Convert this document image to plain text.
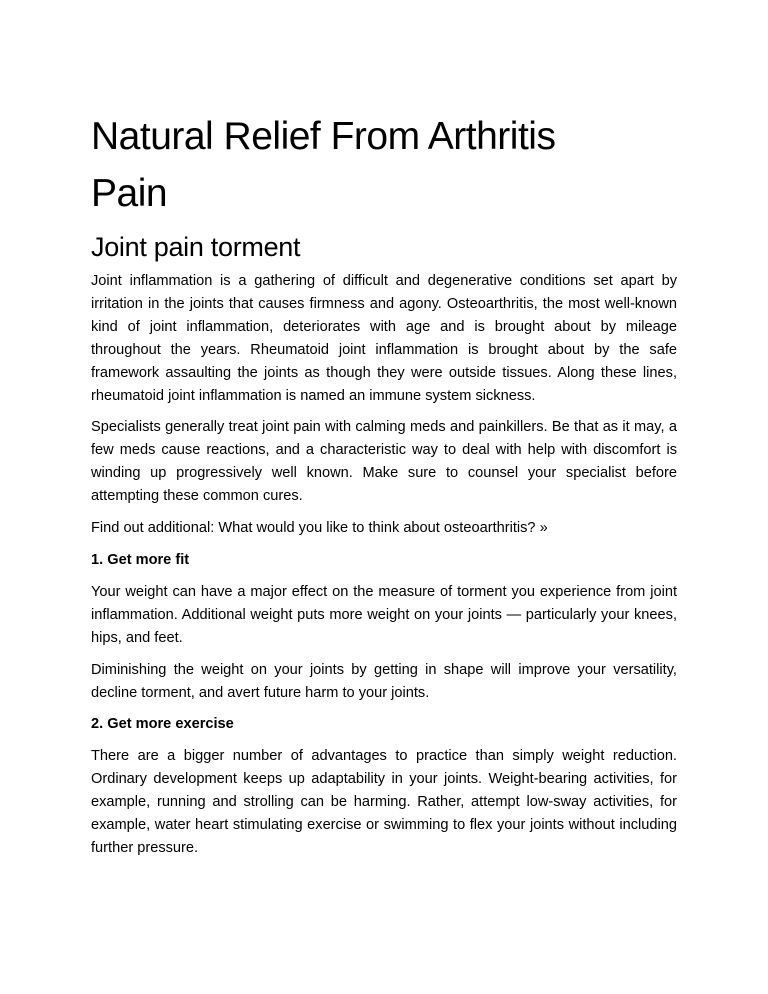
Natural Relief From Arthritis
Pain
Joint pain torment

Joint inflammation is a gathering of difficult and degenerative conditions set apart by irritation in the joints that causes firmness and agony. Osteoarthritis, the most well-known kind of joint inflammation, deteriorates with age and is brought about by mileage throughout the years. Rheumatoid joint inflammation is brought about by the safe framework assaulting the joints as though they were outside tissues. Along these lines, rheumatoid joint inflammation is named an immune system sickness.

Specialists generally treat joint pain with calming meds and painkillers. Be that as it may, a few meds cause reactions, and a characteristic way to deal with help with discomfort is winding up progressively well known. Make sure to counsel your specialist before attempting these common cures.

Find out additional: What would you like to think about osteoarthritis? »

1. Get more fit

Your weight can have a major effect on the measure of torment you experience from joint inflammation. Additional weight puts more weight on your joints — particularly your knees, hips, and feet.

Diminishing the weight on your joints by getting in shape will improve your versatility, decline torment, and avert future harm to your joints.

2. Get more exercise

There are a bigger number of advantages to practice than simply weight reduction. Ordinary development keeps up adaptability in your joints. Weight-bearing activities, for example, running and strolling can be harming. Rather, attempt low-sway activities, for example, water heart stimulating exercise or swimming to flex your joints without including further pressure.
